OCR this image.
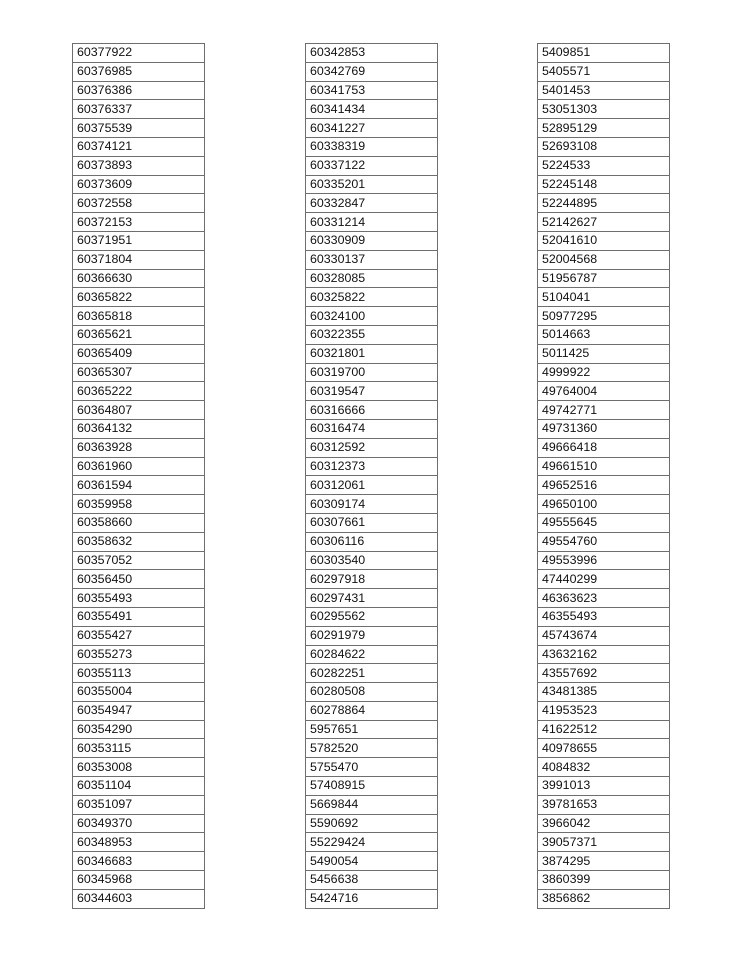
60377922
60376985
60376386
60376337
60375539
60374121
60373893
60373609
60372558
60372153
60371951
60371804
60366630
60365822
60365818
60365621
60365409
60365307
60365222
60364807
60364132
60363928
60361960
60361594
60359958
60358660
60358632
60357052
60356450
60355493
60355491
60355427
60355273
60355113
60355004
60354947
60354290
60353115
60353008
60351104
60351097
60349370
60348953
60346683
60345968
60344603
60342853
60342769
60341753
60341434
60341227
60338319
60337122
60335201
60332847
60331214
60330909
60330137
60328085
60325822
60324100
60322355
60321801
60319700
60319547
60316666
60316474
60312592
60312373
60312061
60309174
60307661
60306116
60303540
60297918
60297431
60295562
60291979
60284622
60282251
60280508
60278864
5957651
5782520
5755470
57408915
5669844
5590692
55229424
5490054
5456638
5424716
5409851
5405571
5401453
53051303
52895129
52693108
5224533
52245148
52244895
52142627
52041610
52004568
51956787
5104041
50977295
5014663
5011425
4999922
49764004
49742771
49731360
49666418
49661510
49652516
49650100
49555645
49554760
49553996
47440299
46363623
46355493
45743674
43632162
43557692
43481385
41953523
41622512
40978655
4084832
3991013
39781653
3966042
39057371
3874295
3860399
3856862
